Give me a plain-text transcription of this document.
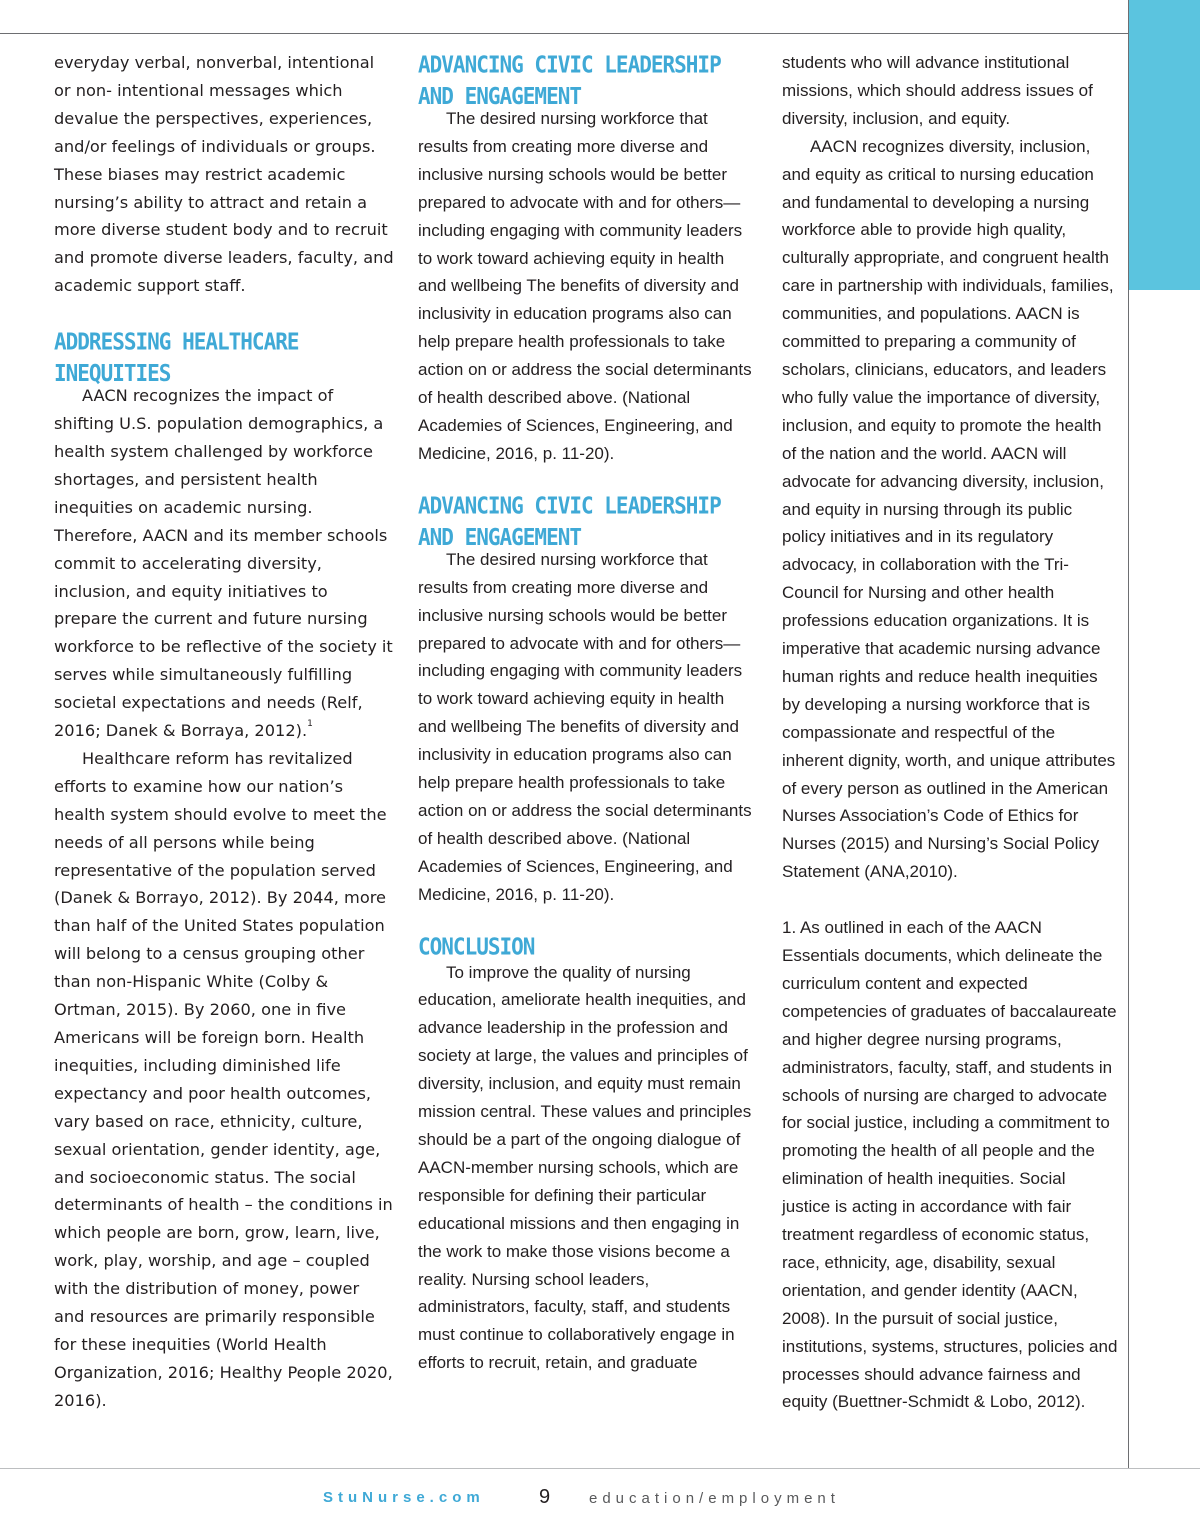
everyday verbal, nonverbal, intentional or non- intentional messages which devalue the perspectives, experiences, and/or feelings of individuals or groups. These biases may restrict academic nursing’s ability to attract and retain a more diverse student body and to recruit and promote diverse leaders, faculty, and academic support staff.

ADDRESSING HEALTHCARE INEQUITIES

AACN recognizes the impact of shifting U.S. population demographics, a health system challenged by workforce shortages, and persistent health inequities on academic nursing. Therefore, AACN and its member schools commit to accelerating diversity, inclusion, and equity initiatives to prepare the current and future nursing workforce to be reflective of the society it serves while simultaneously fulfilling societal expectations and needs (Relf, 2016; Danek & Borraya, 2012).$^1$

Healthcare reform has revitalized efforts to examine how our nation’s health system should evolve to meet the needs of all persons while being representative of the population served (Danek & Borrayo, 2012). By 2044, more than half of the United States population will belong to a census grouping other than non-Hispanic White (Colby & Ortman, 2015). By 2060, one in five Americans will be foreign born. Health inequities, including diminished life expectancy and poor health outcomes, vary based on race, ethnicity, culture, sexual orientation, gender identity, age, and socioeconomic status. The social determinants of health – the conditions in which people are born, grow, learn, live, work, play, worship, and age – coupled with the distribution of money, power and resources are primarily responsible for these inequities (World Health Organization, 2016; Healthy People 2020, 2016).

ADVANCING CIVIC LEADERSHIP AND ENGAGEMENT

The desired nursing workforce that results from creating more diverse and inclusive nursing schools would be better prepared to advocate with and for others—including engaging with community leaders to work toward achieving equity in health and wellbeing The benefits of diversity and inclusivity in education programs also can help prepare health professionals to take action on or address the social determinants of health described above. (National Academies of Sciences, Engineering, and Medicine, 2016, p. 11-20).

ADVANCING CIVIC LEADERSHIP AND ENGAGEMENT

The desired nursing workforce that results from creating more diverse and inclusive nursing schools would be better prepared to advocate with and for others—including engaging with community leaders to work toward achieving equity in health and wellbeing The benefits of diversity and inclusivity in education programs also can help prepare health professionals to take action on or address the social determinants of health described above. (National Academies of Sciences, Engineering, and Medicine, 2016, p. 11-20).

CONCLUSION

To improve the quality of nursing education, ameliorate health inequities, and advance leadership in the profession and society at large, the values and principles of diversity, inclusion, and equity must remain mission central. These values and principles should be a part of the ongoing dialogue of AACN-member nursing schools, which are responsible for defining their particular educational missions and then engaging in the work to make those visions become a reality. Nursing school leaders, administrators, faculty, staff, and students must continue to collaboratively engage in efforts to recruit, retain, and graduate

students who will advance institutional missions, which should address issues of diversity, inclusion, and equity.

AACN recognizes diversity, inclusion, and equity as critical to nursing education and fundamental to developing a nursing workforce able to provide high quality, culturally appropriate, and congruent health care in partnership with individuals, families, communities, and populations. AACN is committed to preparing a community of scholars, clinicians, educators, and leaders who fully value the importance of diversity, inclusion, and equity to promote the health of the nation and the world. AACN will advocate for advancing diversity, inclusion, and equity in nursing through its public policy initiatives and in its regulatory advocacy, in collaboration with the Tri-Council for Nursing and other health professions education organizations. It is imperative that academic nursing advance human rights and reduce health inequities by developing a nursing workforce that is compassionate and respectful of the inherent dignity, worth, and unique attributes of every person as outlined in the American Nurses Association’s Code of Ethics for Nurses (2015) and Nursing’s Social Policy Statement (ANA,2010).

1. As outlined in each of the AACN Essentials documents, which delineate the curriculum content and expected competencies of graduates of baccalaureate and higher degree nursing programs, administrators, faculty, staff, and students in schools of nursing are charged to advocate for social justice, including a commitment to promoting the health of all people and the elimination of health inequities. Social justice is acting in accordance with fair treatment regardless of economic status, race, ethnicity, age, disability, sexual orientation, and gender identity (AACN, 2008). In the pursuit of social justice, institutions, systems, structures, policies and processes should advance fairness and equity (Buettner-Schmidt & Lobo, 2012).

StuNurse.com	9	education/employment
